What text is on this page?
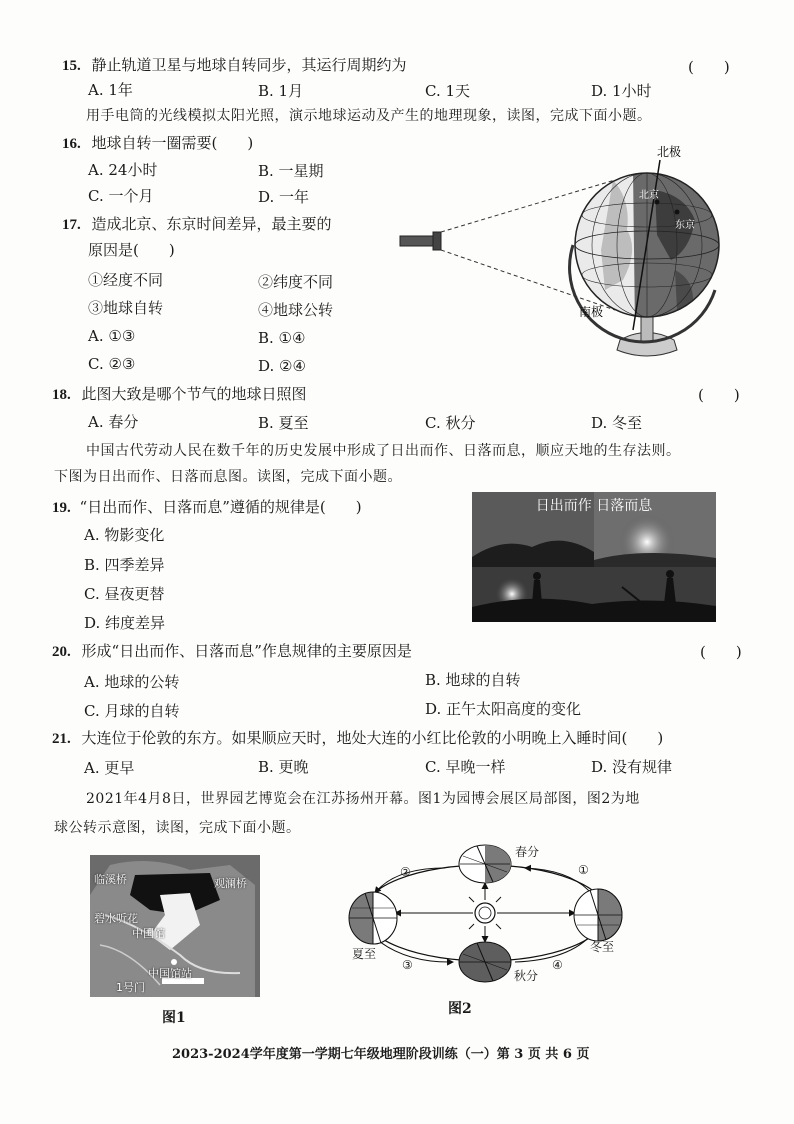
15. 静止轨道卫星与地球自转同步，其运行周期约为	(　　)
A. 1年	B. 1月	C. 1天	D. 1小时
用手电筒的光线模拟太阳光照，演示地球运动及产生的地理现象，读图，完成下面小题。
16. 地球自转一圈需要(　　)
A. 24小时	B. 一星期
C. 一个月	D. 一年
17. 造成北京、东京时间差异，最主要的
原因是(　　)
①经度不同	②纬度不同
③地球自转	④地球公转
A. ①③	B. ①④
C. ②③	D. ②④
北京
东京
北极
南极
18. 此图大致是哪个节气的地球日照图	(　　)
A. 春分	B. 夏至	C. 秋分	D. 冬至
中国古代劳动人民在数千年的历史发展中形成了日出而作、日落而息，顺应天地的生存法则。
下图为日出而作、日落而息图。读图，完成下面小题。
19. “日出而作、日落而息”遵循的规律是(　　)
A. 物影变化
B. 四季差异
C. 昼夜更替
D. 纬度差异
日出而作 日落而息
20. 形成“日出而作、日落而息”作息规律的主要原因是	(　　)
A. 地球的公转	B. 地球的自转
C. 月球的自转	D. 正午太阳高度的变化
21. 大连位于伦敦的东方。如果顺应天时，地处大连的小红比伦敦的小明晚上入睡时间(　　)
A. 更早	B. 更晚	C. 早晚一样	D. 没有规律
2021年4月8日，世界园艺博览会在江苏扬州开幕。图1为园博会展区局部图，图2为地
球公转示意图，读图，完成下面小题。
临溪桥	观澜桥
碧水听花
中国馆
中国馆站
1号门
图1
春分
夏至
秋分
冬至
①
②
③	④
图2
2023-2024学年度第一学期七年级地理阶段训练（一）第 3 页 共 6 页
